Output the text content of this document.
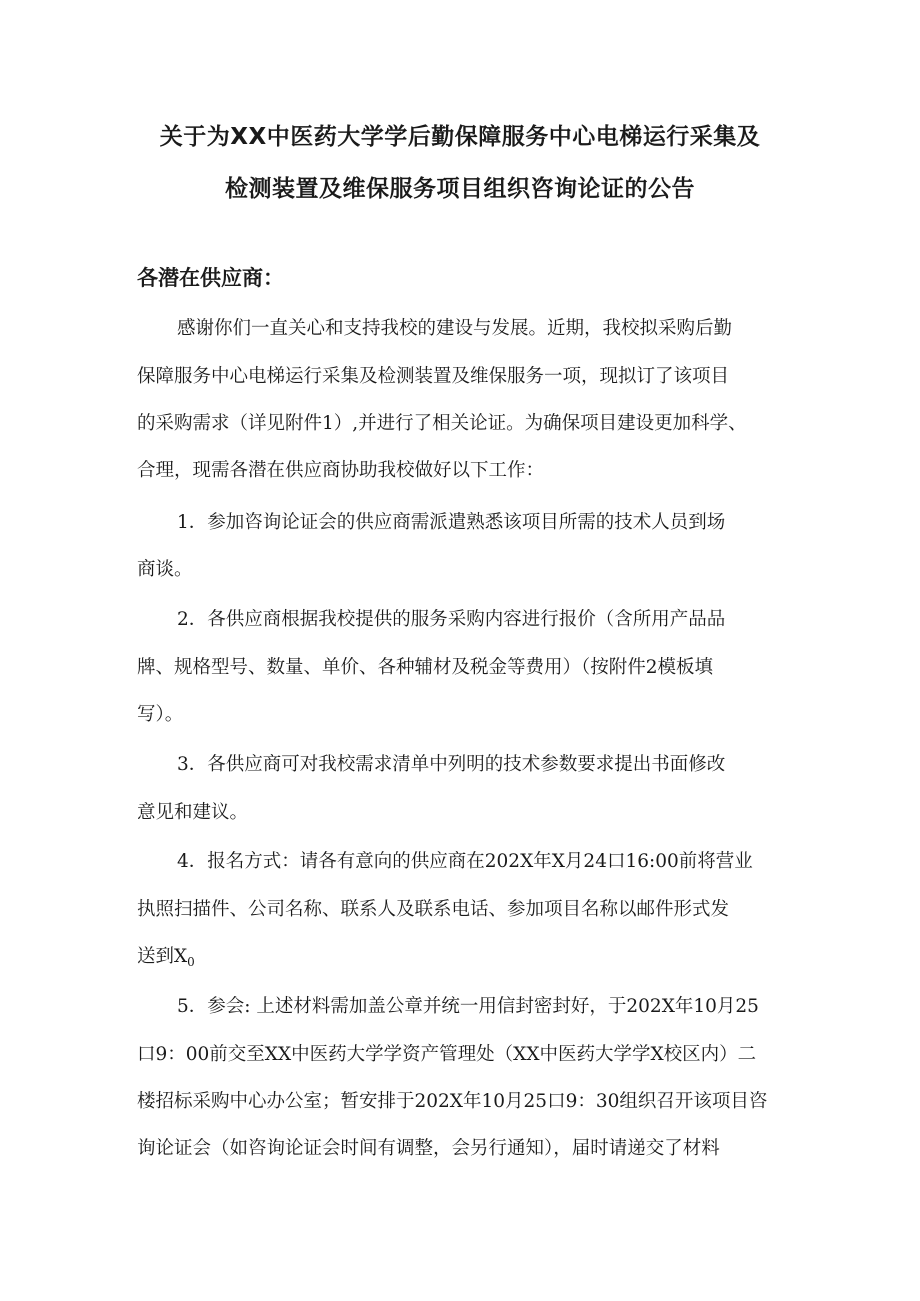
关于为XX中医药大学学后勤保障服务中心电梯运行采集及
检测装置及维保服务项目组织咨询论证的公告
各潜在供应商：
感谢你们一直关心和支持我校的建设与发展。近期，我校拟采购后勤
保障服务中心电梯运行采集及检测装置及维保服务一项，现拟订了该项目
的采购需求（详见附件1）,并进行了相关论证。为确保项目建设更加科学、
合理，现需各潜在供应商协助我校做好以下工作：
1．参加咨询论证会的供应商需派遣熟悉该项目所需的技术人员到场
商谈。
2．各供应商根据我校提供的服务采购内容进行报价（含所用产品品
牌、规格型号、数量、单价、各种辅材及税金等费用）（按附件2模板填
写）。
3．各供应商可对我校需求清单中列明的技术参数要求提出书面修改
意见和建议。
4．报名方式：请各有意向的供应商在202X年X月24口16:00前将营业
执照扫描件、公司名称、联系人及联系电话、参加项目名称以邮件形式发
送到$X_0$
5．参会: 上述材料需加盖公章并统一用信封密封好，于202X年10月25
口9：00前交至XX中医药大学学资产管理处（XX中医药大学学X校区内）二
楼招标采购中心办公室；暂安排于202X年10月25口9：30组织召开该项目咨
询论证会（如咨询论证会时间有调整，会另行通知），届时请递交了材料
